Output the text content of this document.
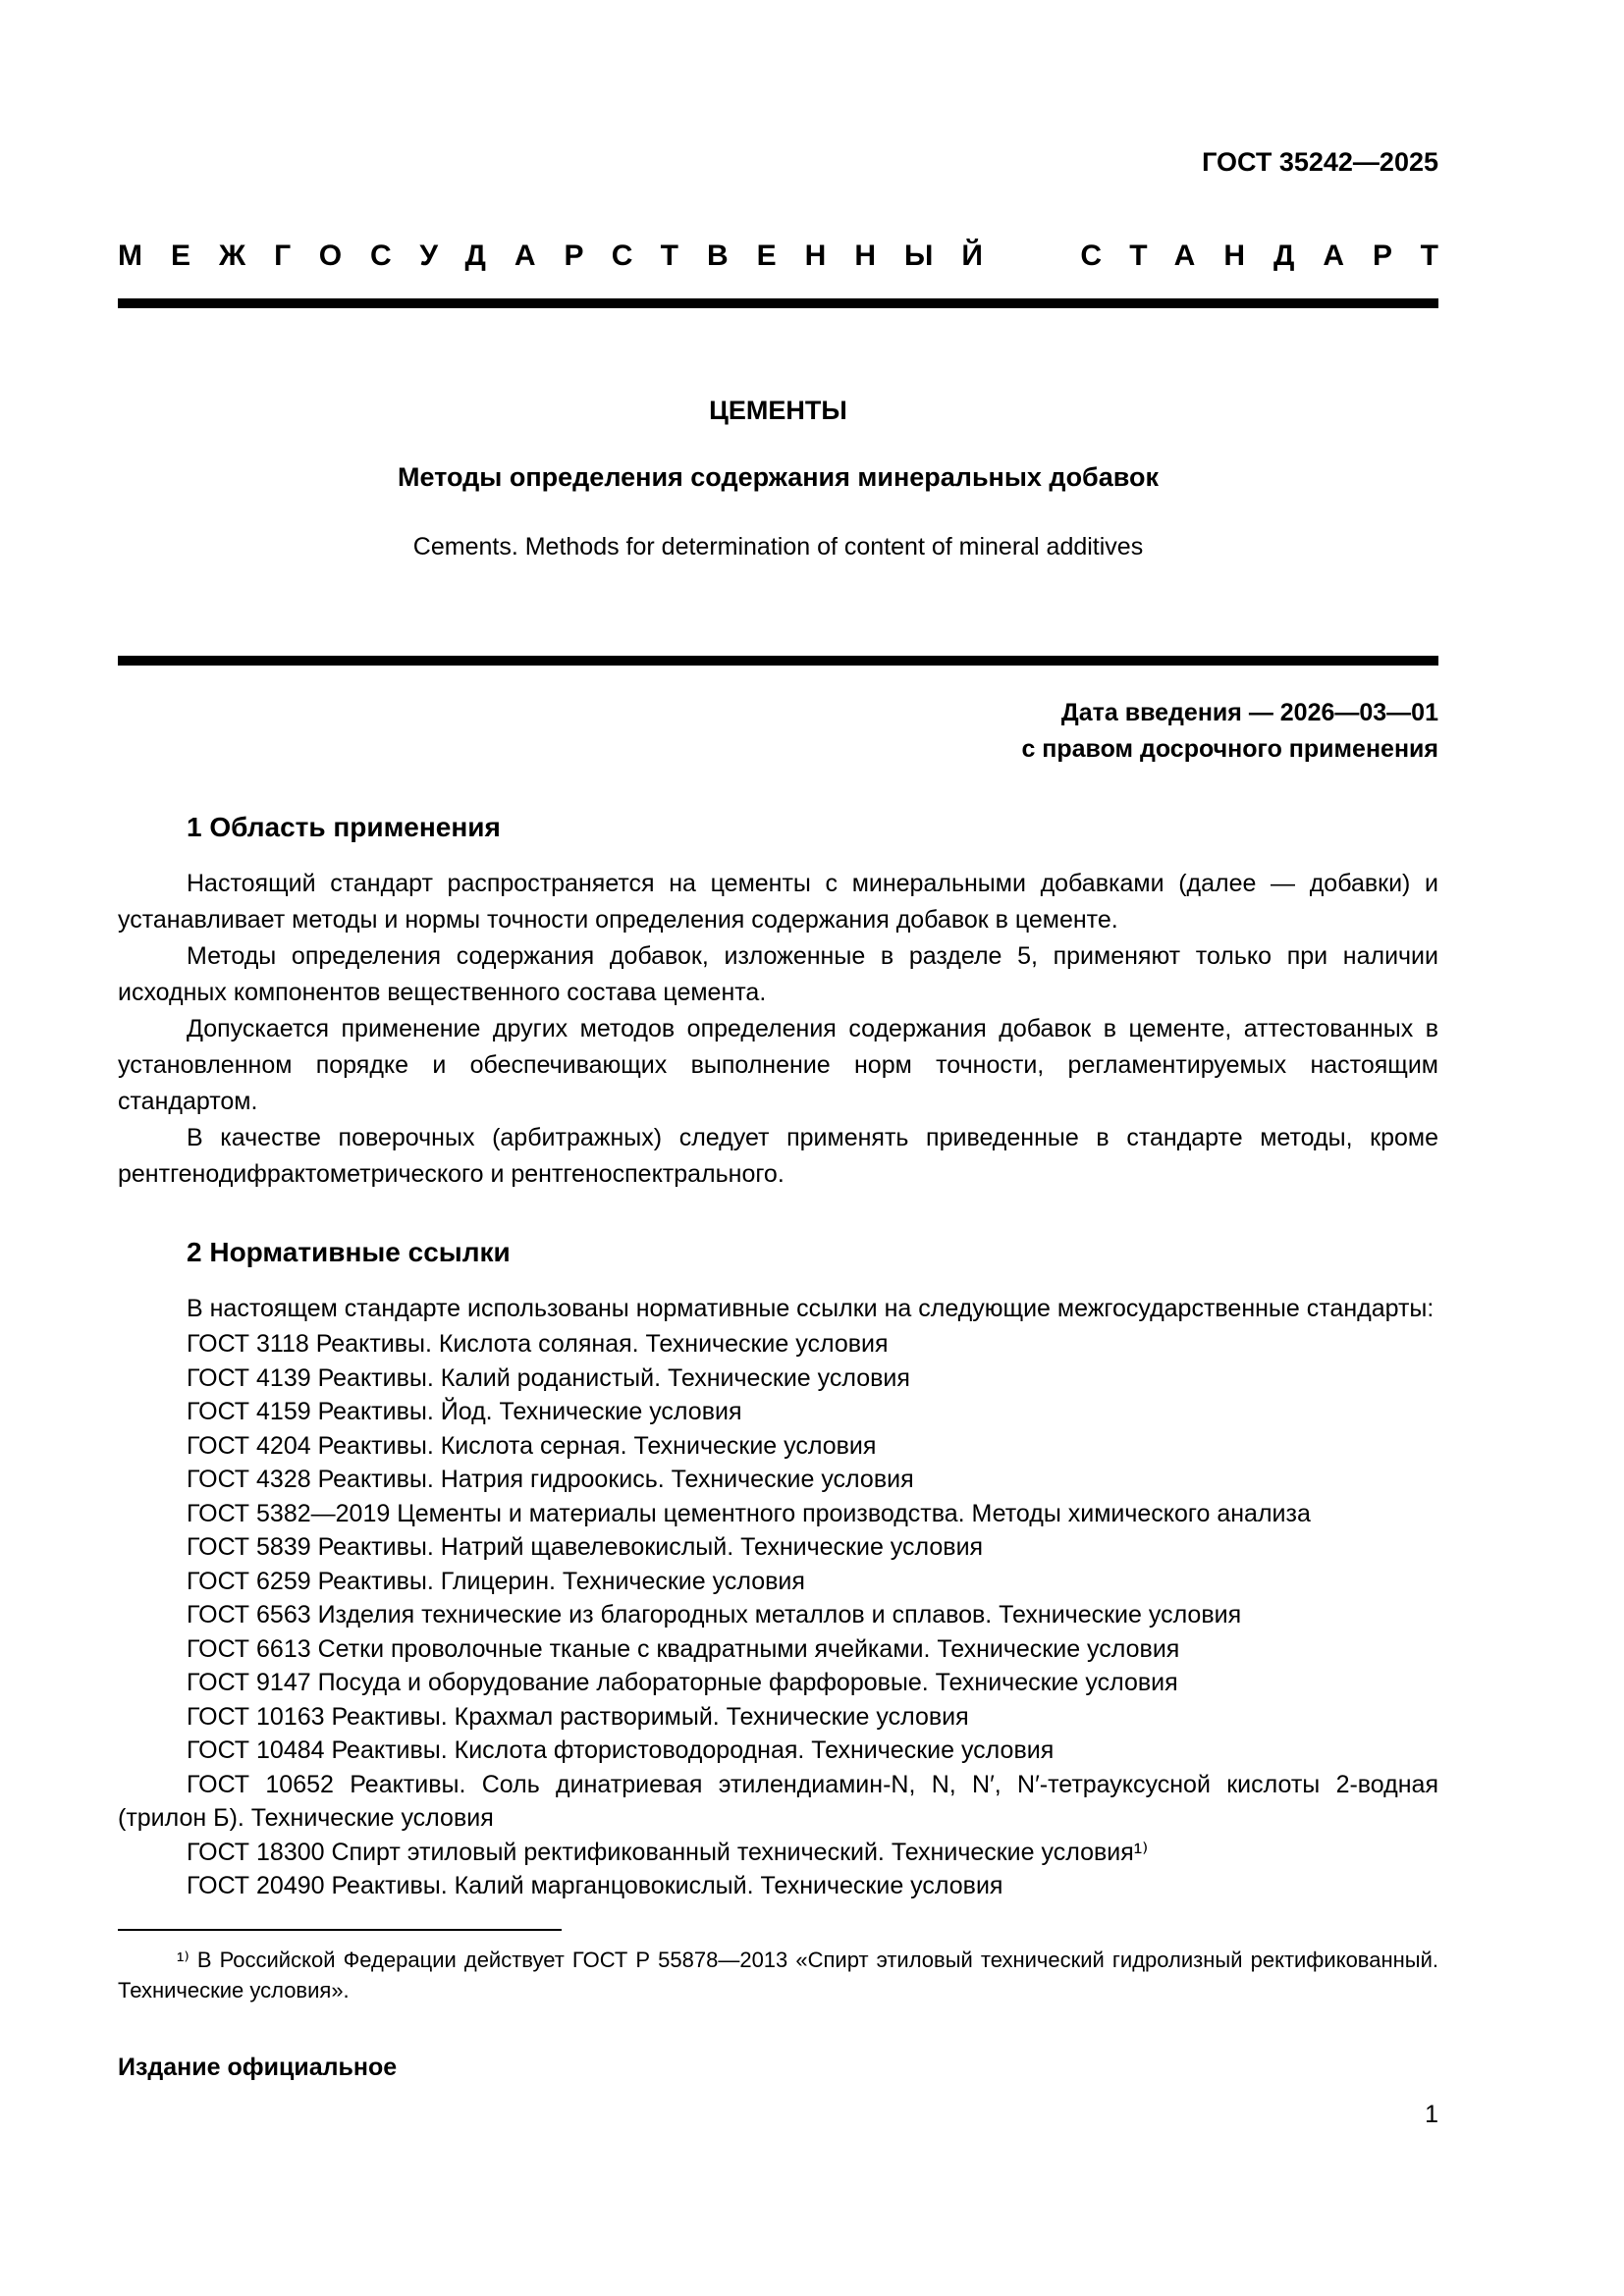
ГОСТ 35242—2025
МЕЖГОСУДАРСТВЕННЫЙ СТАНДАРТ
ЦЕМЕНТЫ
Методы определения содержания минеральных добавок
Cements. Methods for determination of content of mineral additives
Дата введения — 2026—03—01
с правом досрочного применения
1 Область применения

Настоящий стандарт распространяется на цементы с минеральными добавками (далее — добавки) и устанавливает методы и нормы точности определения содержания добавок в цементе.

Методы определения содержания добавок, изложенные в разделе 5, применяют только при наличии исходных компонентов вещественного состава цемента.

Допускается применение других методов определения содержания добавок в цементе, аттестованных в установленном порядке и обеспечивающих выполнение норм точности, регламентируемых настоящим стандартом.

В качестве поверочных (арбитражных) следует применять приведенные в стандарте методы, кроме рентгенодифрактометрического и рентгеноспектрального.

2 Нормативные ссылки

В настоящем стандарте использованы нормативные ссылки на следующие межгосударственные стандарты:

ГОСТ 3118 Реактивы. Кислота соляная. Технические условия

ГОСТ 4139 Реактивы. Калий роданистый. Технические условия

ГОСТ 4159 Реактивы. Йод. Технические условия

ГОСТ 4204 Реактивы. Кислота серная. Технические условия

ГОСТ 4328 Реактивы. Натрия гидроокись. Технические условия

ГОСТ 5382—2019 Цементы и материалы цементного производства. Методы химического анализа

ГОСТ 5839 Реактивы. Натрий щавелевокислый. Технические условия

ГОСТ 6259 Реактивы. Глицерин. Технические условия

ГОСТ 6563 Изделия технические из благородных металлов и сплавов. Технические условия

ГОСТ 6613 Сетки проволочные тканые с квадратными ячейками. Технические условия

ГОСТ 9147 Посуда и оборудование лабораторные фарфоровые. Технические условия

ГОСТ 10163 Реактивы. Крахмал растворимый. Технические условия

ГОСТ 10484 Реактивы. Кислота фтористоводородная. Технические условия

ГОСТ 10652 Реактивы. Соль динатриевая этилендиамин-N, N, N′, N′-тетрауксусной кислоты 2-водная (трилон Б). Технические условия

ГОСТ 18300 Спирт этиловый ректификованный технический. Технические условия¹⁾

ГОСТ 20490 Реактивы. Калий марганцовокислый. Технические условия

¹⁾ В Российской Федерации действует ГОСТ Р 55878—2013 «Спирт этиловый технический гидролизный ректификованный. Технические условия».

Издание официальное
1
